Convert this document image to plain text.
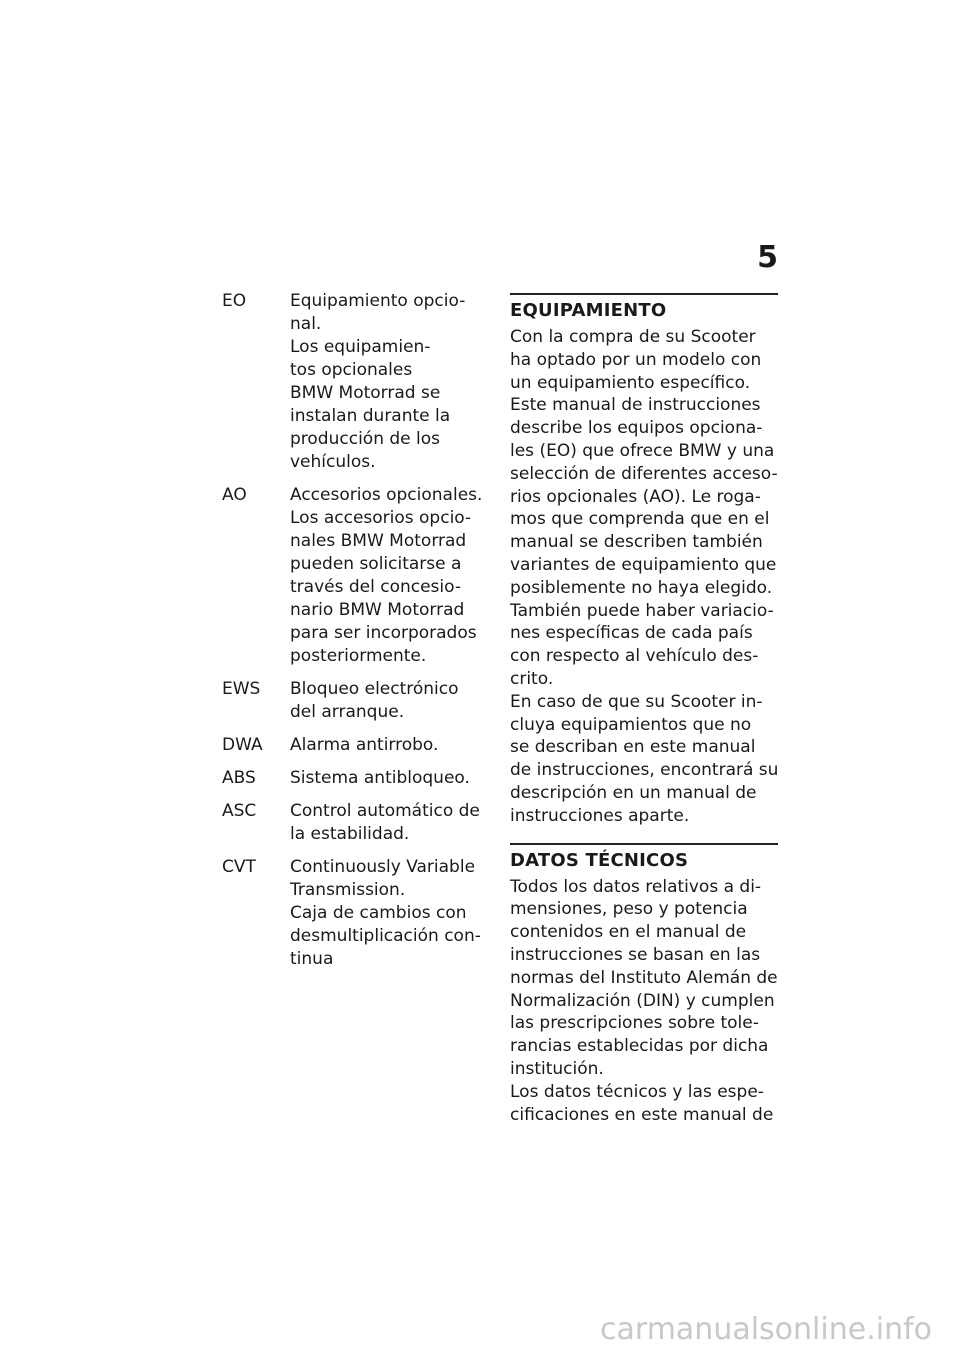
5
EO	Equipamiento opcio-
nal.
Los equipamien-
tos opcionales
BMW Motorrad se
instalan durante la
producción de los
vehículos.
AO	Accesorios opcionales.
Los accesorios opcio-
nales BMW Motorrad
pueden solicitarse a
través del concesio-
nario BMW Motorrad
para ser incorporados
posteriormente.
EWS	Bloqueo electrónico
del arranque.
DWA	Alarma antirrobo.
ABS	Sistema antibloqueo.
ASC	Control automático de
la estabilidad.
CVT	Continuously Variable
Transmission.
Caja de cambios con
desmultiplicación con-
tinua
EQUIPAMIENTO
Con la compra de su Scooter
ha optado por un modelo con
un equipamiento específico.
Este manual de instrucciones
describe los equipos opciona-
les (EO) que ofrece BMW y una
selección de diferentes acceso-
rios opcionales (AO). Le roga-
mos que comprenda que en el
manual se describen también
variantes de equipamiento que
posiblemente no haya elegido.
También puede haber variacio-
nes específicas de cada país
con respecto al vehículo des-
crito.
En caso de que su Scooter in-
cluya equipamientos que no
se describan en este manual
de instrucciones, encontrará su
descripción en un manual de
instrucciones aparte.
DATOS TÉCNICOS
Todos los datos relativos a di-
mensiones, peso y potencia
contenidos en el manual de
instrucciones se basan en las
normas del Instituto Alemán de
Normalización (DIN) y cumplen
las prescripciones sobre tole-
rancias establecidas por dicha
institución.
Los datos técnicos y las espe-
cificaciones en este manual de
carmanualsonline.info
